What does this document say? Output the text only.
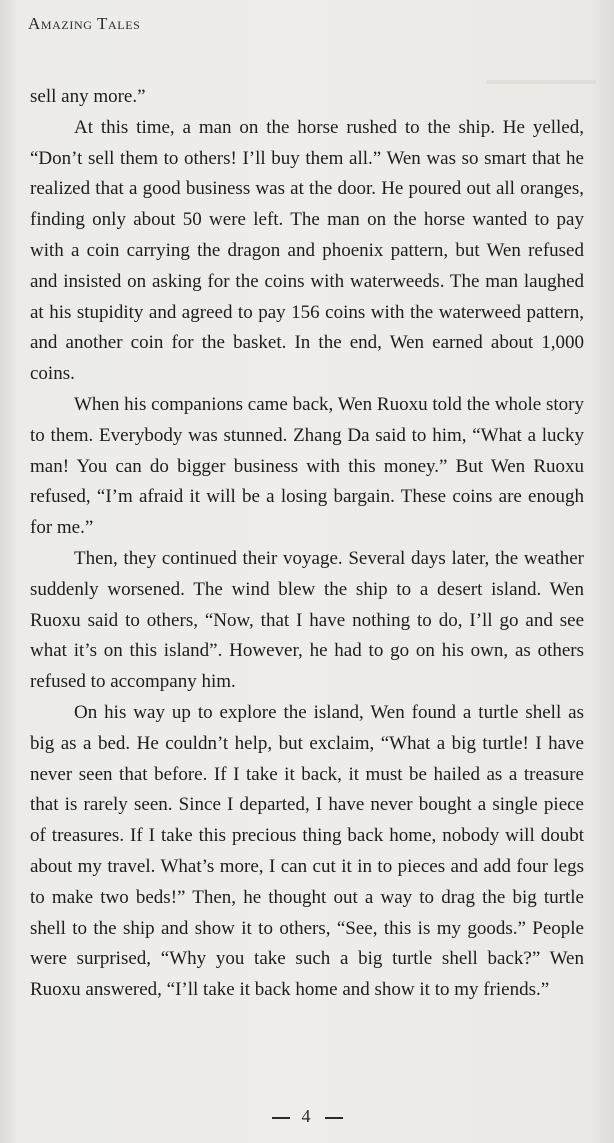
Amazing Tales

sell any more.”

At this time, a man on the horse rushed to the ship. He yelled, “Don’t sell them to others! I’ll buy them all.” Wen was so smart that he realized that a good business was at the door. He poured out all oranges, finding only about 50 were left. The man on the horse wanted to pay with a coin carrying the dragon and phoenix pattern, but Wen refused and insisted on asking for the coins with waterweeds. The man laughed at his stupidity and agreed to pay 156 coins with the waterweed pattern, and another coin for the basket. In the end, Wen earned about 1,000 coins.

When his companions came back, Wen Ruoxu told the whole story to them. Everybody was stunned. Zhang Da said to him, “What a lucky man! You can do bigger business with this money.” But Wen Ruoxu refused, “I’m afraid it will be a losing bargain. These coins are enough for me.”

Then, they continued their voyage. Several days later, the weather suddenly worsened. The wind blew the ship to a desert island. Wen Ruoxu said to others, “Now, that I have nothing to do, I’ll go and see what it’s on this island”. However, he had to go on his own, as others refused to accompany him.

On his way up to explore the island, Wen found a turtle shell as big as a bed. He couldn’t help, but exclaim, “What a big turtle! I have never seen that before. If I take it back, it must be hailed as a treasure that is rarely seen. Since I departed, I have never bought a single piece of treasures. If I take this precious thing back home, nobody will doubt about my travel. What’s more, I can cut it in to pieces and add four legs to make two beds!” Then, he thought out a way to drag the big turtle shell to the ship and show it to others, “See, this is my goods.” People were surprised, “Why you take such a big turtle shell back?” Wen Ruoxu answered, “I’ll take it back home and show it to my friends.”

4
